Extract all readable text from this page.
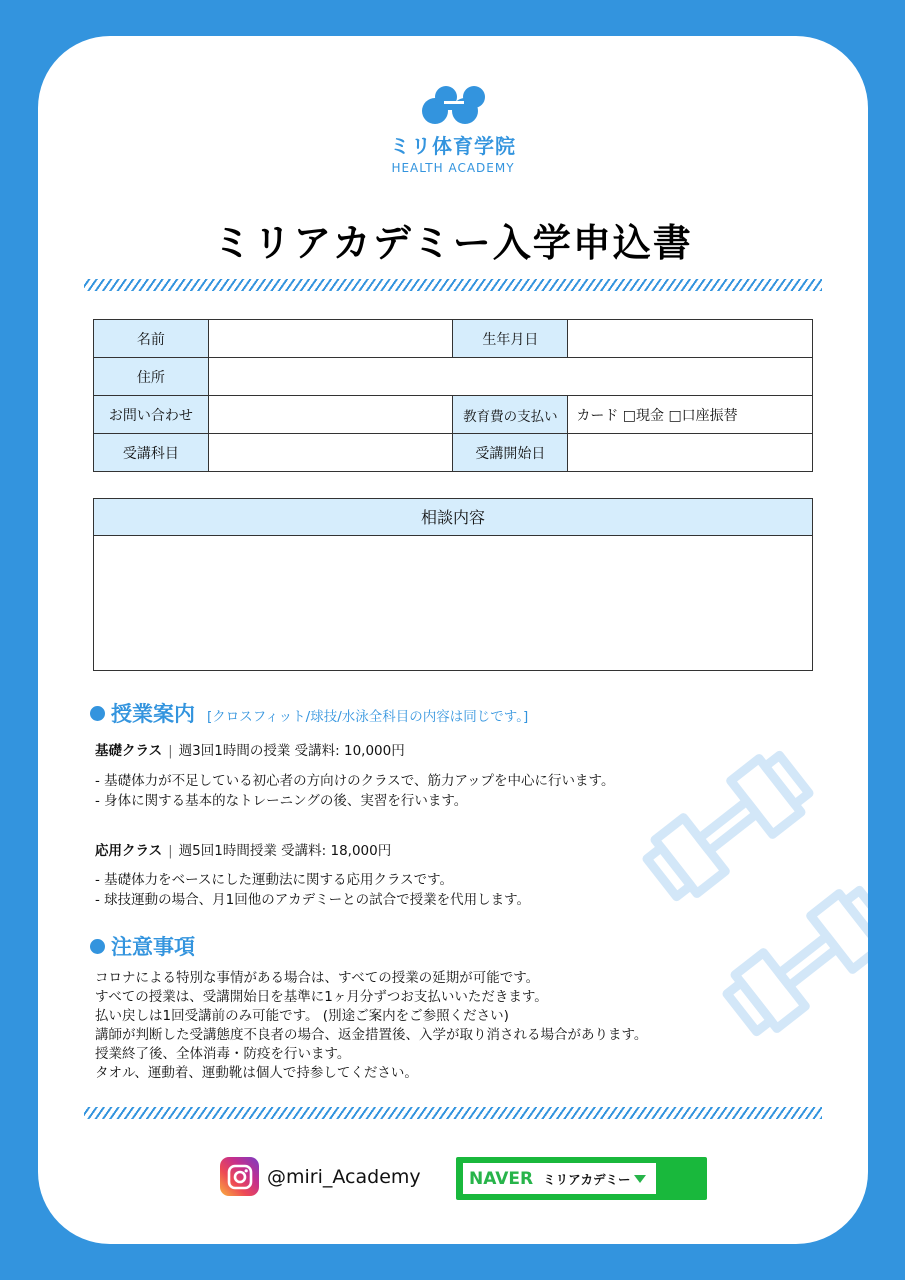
ミリ体育学院
HEALTH ACADEMY
ミリアカデミー入学申込書
名前		生年月日	
住所			
お問い合わせ		教育費の支払い	カード □現金 □口座振替
受講科目		受講開始日	
相談内容
授業案内 [クロスフィット/球技/水泳全科目の内容は同じです。]
基礎クラス | 週3回1時間の授業 受講料: 10,000円
- 基礎体力が不足している初心者の方向けのクラスで、筋力アップを中心に行います。
- 身体に関する基本的なトレーニングの後、実習を行います。
応用クラス | 週5回1時間授業 受講料: 18,000円
- 基礎体力をベースにした運動法に関する応用クラスです。
- 球技運動の場合、月1回他のアカデミーとの試合で授業を代用します。
注意事項
コロナによる特別な事情がある場合は、すべての授業の延期が可能です。
すべての授業は、受講開始日を基準に1ヶ月分ずつお支払いいただきます。
払い戻しは1回受講前のみ可能です。 (別途ご案内をご参照ください)
講師が判断した受講態度不良者の場合、返金措置後、入学が取り消される場合があります。
授業終了後、全体消毒・防疫を行います。
タオル、運動着、運動靴は個人で持参してください。
@miri_Academy	NAVER ミリアカデミー
